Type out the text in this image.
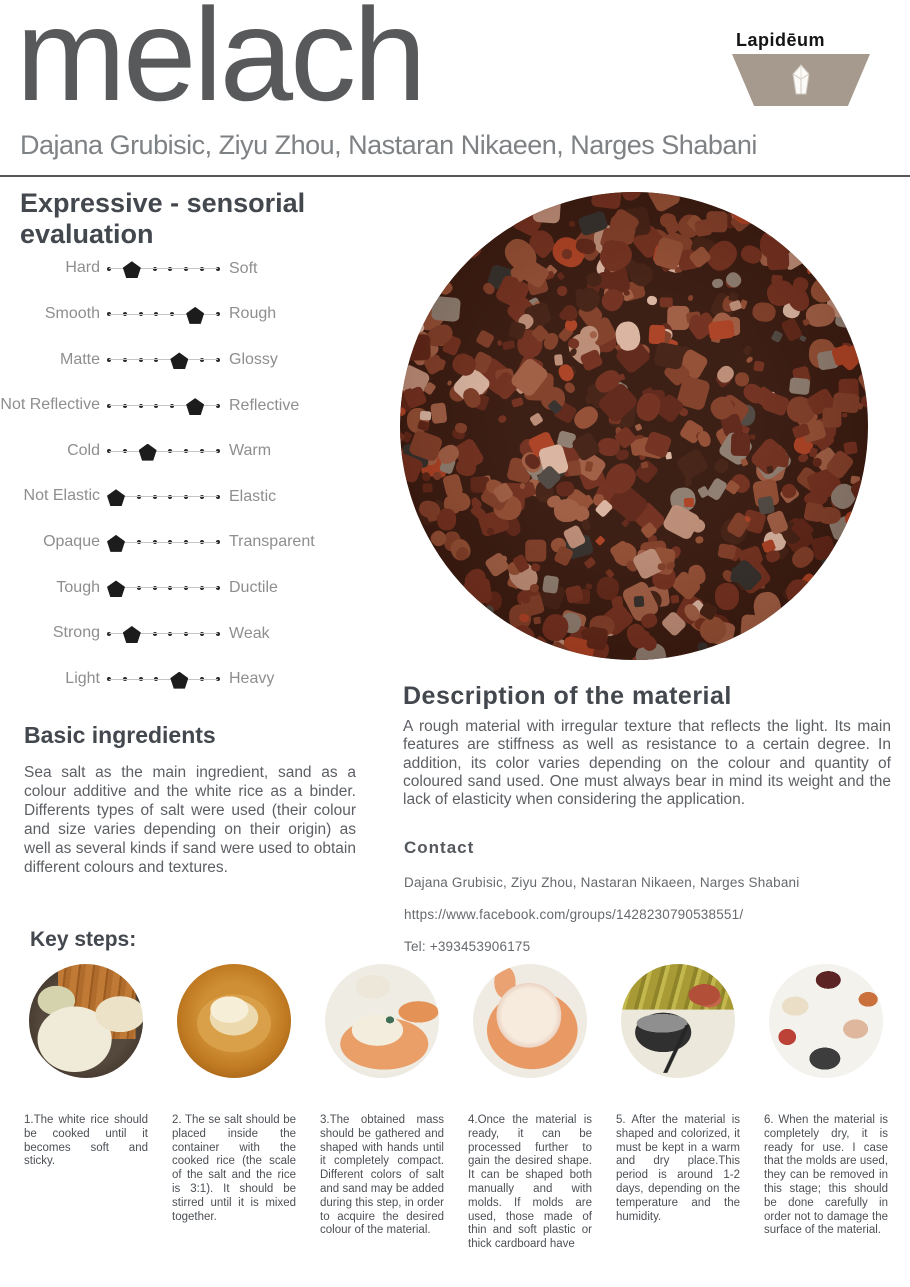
melach	Lapidēum
Dajana Grubisic, Ziyu Zhou, Nastaran Nikaeen, Narges Shabani
Expressive - sensorial evaluation
Hard	Soft
Smooth	Rough
Matte	Glossy
Not Reflective	Reflective
Cold	Warm
Not Elastic	Elastic
Opaque	Transparent
Tough	Ductile
Strong	Weak
Light	Heavy
Description of the material

A rough material with irregular texture that reflects the light. Its main features are stiffness as well as resistance to a certain degree. In addition, its color varies depending on the colour and quantity of coloured sand used. One must always bear in mind its weight and the lack of elasticity when considering the application.

Basic ingredients

Sea salt as the main ingredient, sand as a colour additive and the white rice as a binder. Differents types of salt were used (their colour and size varies depending on their origin) as well as several kinds if sand were used to obtain different colours and textures.

Contact

Dajana Grubisic, Ziyu Zhou, Nastaran Nikaeen, Narges Shabani

https://www.facebook.com/groups/1428230790538551/

Tel: +393453906175

Key steps:

1.The white rice should be cooked until it becomes soft and sticky.

2. The se salt should be placed inside the container with the cooked rice (the scale of the salt and the rice is 3:1). It should be stirred until it is mixed together.

3.The obtained mass should be gathered and shaped with hands until it completely compact. Different colors of salt and sand may be added during this step, in order to acquire the desired colour of the material.

4.Once the material is ready, it can be processed further to gain the desired shape. It can be shaped both manually and with molds. If molds are used, those made of thin and soft plastic or thick cardboard have

5. After the material is shaped and colorized, it must be kept in a warm and dry place.This period is around 1-2 days, depending on the temperature and the humidity.

6. When the material is completely dry, it is ready for use. I case that the molds are used, they can be removed in this stage; this should be done carefully in order not to damage the surface of the material.
